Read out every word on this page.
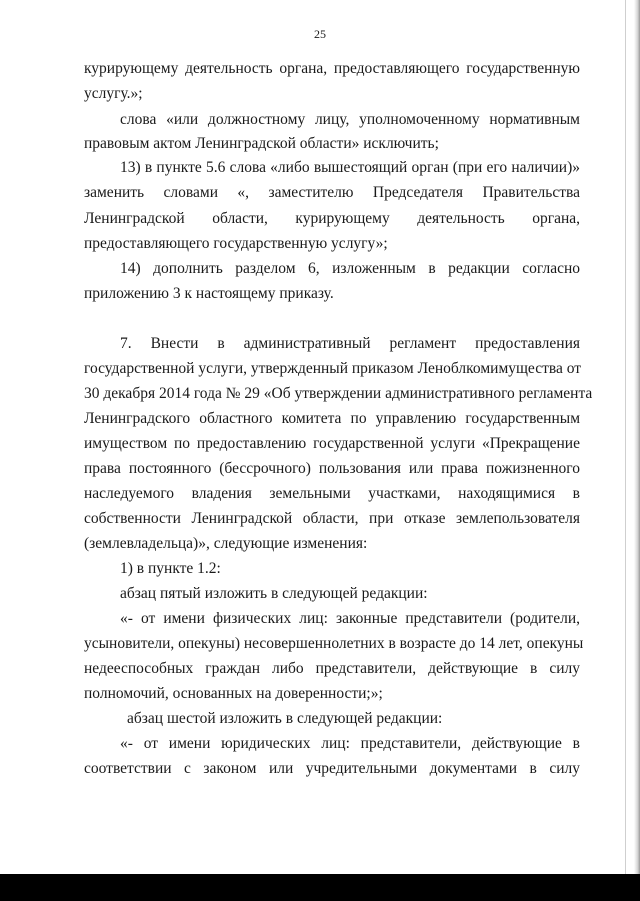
25
курирующему деятельность органа, предоставляющего государственную
услугу.»;
слова «или должностному лицу, уполномоченному нормативным
правовым актом Ленинградской области» исключить;
13) в пункте 5.6 слова «либо вышестоящий орган (при его наличии)»
заменить словами «, заместителю Председателя Правительства
Ленинградской области, курирующему деятельность органа,
предоставляющего государственную услугу»;
14) дополнить разделом 6, изложенным в редакции согласно
приложению 3 к настоящему приказу.
7. Внести в административный регламент предоставления
государственной услуги, утвержденный приказом Леноблкомимущества от
30 декабря 2014 года № 29 «Об утверждении административного регламента
Ленинградского областного комитета по управлению государственным
имуществом по предоставлению государственной услуги «Прекращение
права постоянного (бессрочного) пользования или права пожизненного
наследуемого владения земельными участками, находящимися в
собственности Ленинградской области, при отказе землепользователя
(землевладельца)», следующие изменения:
1) в пункте 1.2:
абзац пятый изложить в следующей редакции:
«- от имени физических лиц: законные представители (родители,
усыновители, опекуны) несовершеннолетних в возрасте до 14 лет, опекуны
недееспособных граждан либо представители, действующие в силу
полномочий, основанных на доверенности;»;
абзац шестой изложить в следующей редакции:
«- от имени юридических лиц: представители, действующие в
соответствии с законом или учредительными документами в силу
